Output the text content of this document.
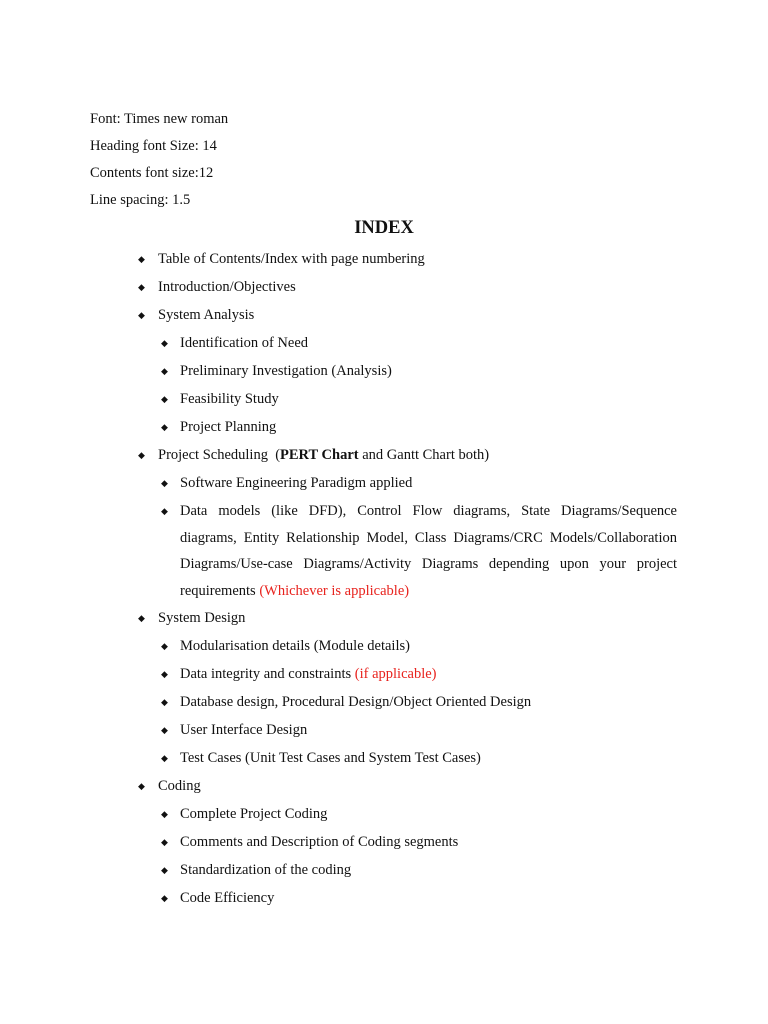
Font: Times new roman

Heading font Size: 14

Contents font size:12

Line spacing: 1.5

INDEX
◆ Table of Contents/Index with page numbering
◆ Introduction/Objectives
◆ System Analysis
◆ Identification of Need
◆ Preliminary Investigation (Analysis)
◆ Feasibility Study
◆ Project Planning
◆ Project Scheduling  (PERT Chart and Gantt Chart both)
◆ Software Engineering Paradigm applied
◆ Data models (like DFD), Control Flow diagrams, State Diagrams/Sequence diagrams, Entity Relationship Model, Class Diagrams/CRC Models/Collaboration Diagrams/Use-case Diagrams/Activity Diagrams depending upon your project requirements (Whichever is applicable)
◆ System Design
◆ Modularisation details (Module details)
◆ Data integrity and constraints (if applicable)
◆ Database design, Procedural Design/Object Oriented Design
◆ User Interface Design
◆ Test Cases (Unit Test Cases and System Test Cases)
◆ Coding
◆ Complete Project Coding
◆ Comments and Description of Coding segments
◆ Standardization of the coding
◆ Code Efficiency
